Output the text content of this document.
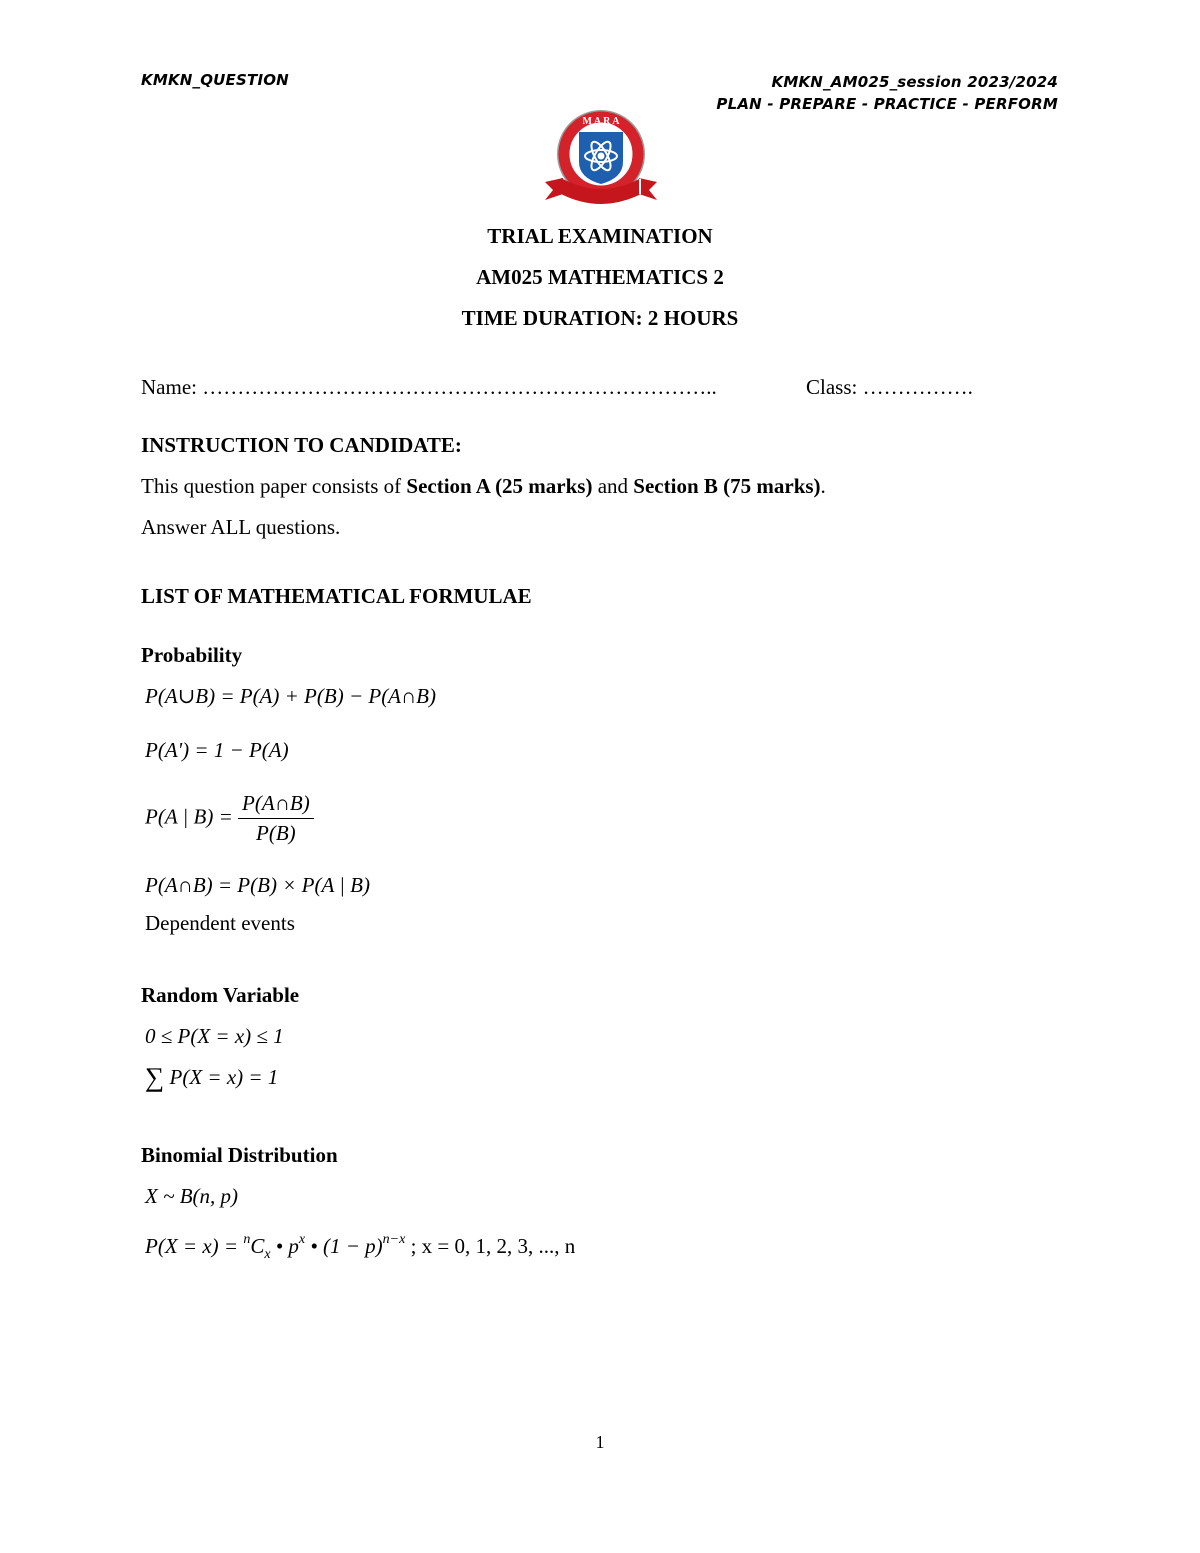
KMKN_QUESTION	KMKN_AM025_session 2023/2024
PLAN - PREPARE - PRACTICE - PERFORM
M A R A
TRIAL EXAMINATION
AM025 MATHEMATICS 2
TIME DURATION: 2 HOURS
Name: ………………………………………………………………..	Class: …………….
INSTRUCTION TO CANDIDATE:
This question paper consists of Section A (25 marks) and Section B (75 marks).
Answer ALL questions.
LIST OF MATHEMATICAL FORMULAE
Probability
P(A∪B) = P(A) + P(B) − P(A∩B)
P(A') = 1 − P(A)
P(A | $B) = \frac{P(A\cap B)}{P(B)}$
P(A∩B) = P(B) × P(A | B)
Dependent events
Random Variable
0 ≤ P(X = x) ≤ 1
∑ P(X = x) = 1
Binomial Distribution
X ~ B(n, p)
$P(X = x) = ^nC_x$ • $p^x$ • $(1 - p)^{n-x}$ ; x = 0, 1, 2, 3, ..., n
1
